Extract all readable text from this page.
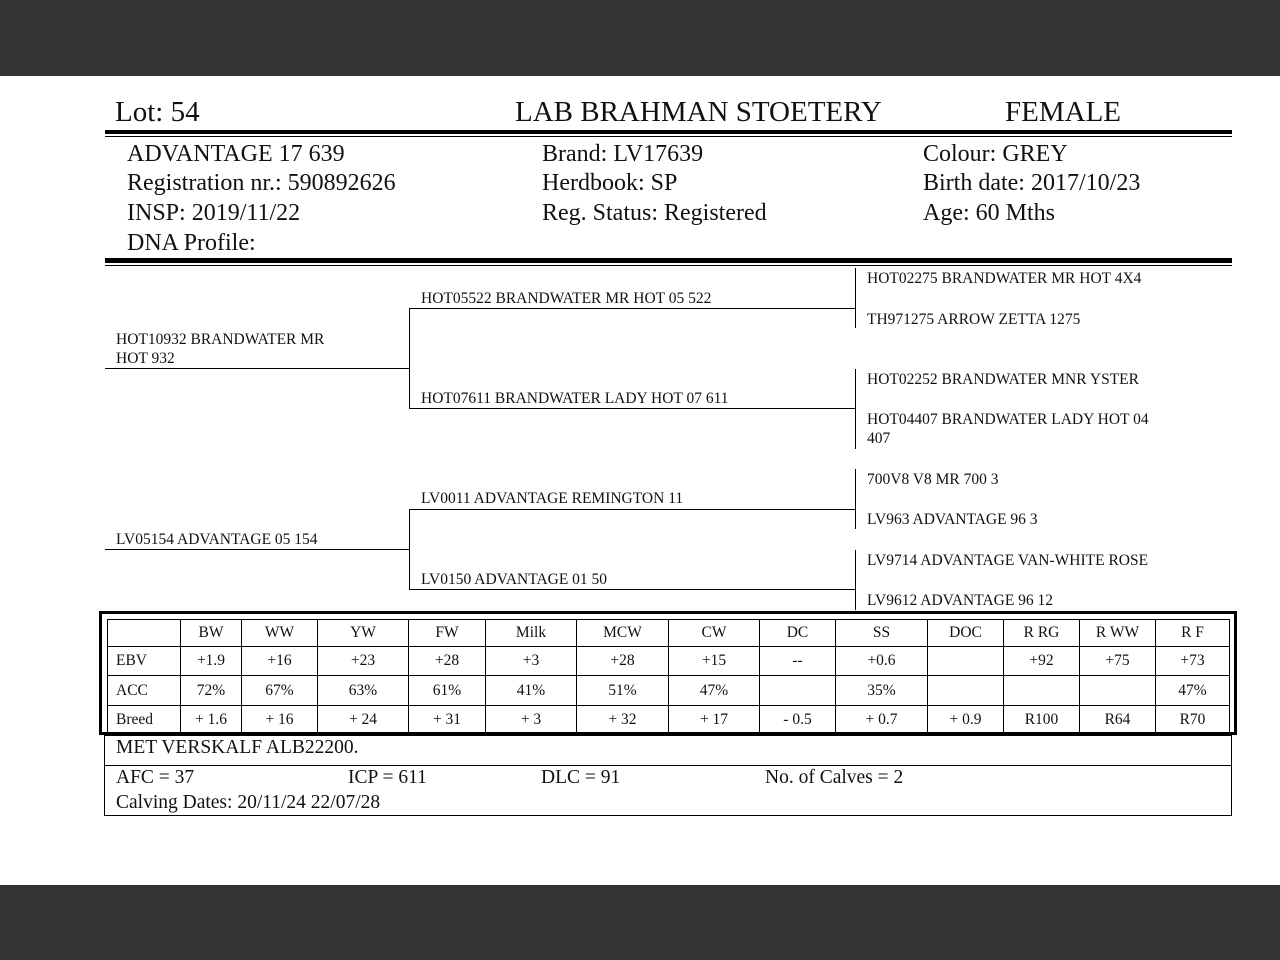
Lot: 54	LAB BRAHMAN STOETERY	FEMALE
ADVANTAGE 17 639
Registration nr.: 590892626
INSP: 2019/11/22
DNA Profile:
Brand: LV17639
Herdbook: SP
Reg. Status: Registered
Colour: GREY
Birth date: 2017/10/23
Age: 60 Mths
HOT10932 BRANDWATER MR
HOT 932
LV05154 ADVANTAGE 05 154
HOT05522 BRANDWATER MR HOT 05 522
HOT07611 BRANDWATER LADY HOT 07 611
LV0011 ADVANTAGE REMINGTON 11
LV0150 ADVANTAGE 01 50
HOT02275 BRANDWATER MR HOT 4X4
TH971275 ARROW ZETTA 1275
HOT02252 BRANDWATER MNR YSTER
HOT04407 BRANDWATER LADY HOT 04
407
700V8 V8 MR 700 3
LV963 ADVANTAGE 96 3
LV9714 ADVANTAGE VAN-WHITE ROSE
LV9612 ADVANTAGE 96 12
	BW	WW	YW	FW	Milk	MCW	CW	DC	SS	DOC	R RG	R WW	R F
EBV	+1.9	+16	+23	+28	+3	+28	+15	--	+0.6		+92	+75	+73
ACC	72%	67%	63%	61%	41%	51%	47%		35%				47%
Breed	+ 1.6	+ 16	+ 24	+ 31	+ 3	+ 32	+ 17	- 0.5	+ 0.7	+ 0.9	R100	R64	R70
MET VERSKALF ALB22200.
AFC = 37	ICP = 611	DLC = 91	No. of Calves = 2
Calving Dates: 20/11/24 22/07/28
